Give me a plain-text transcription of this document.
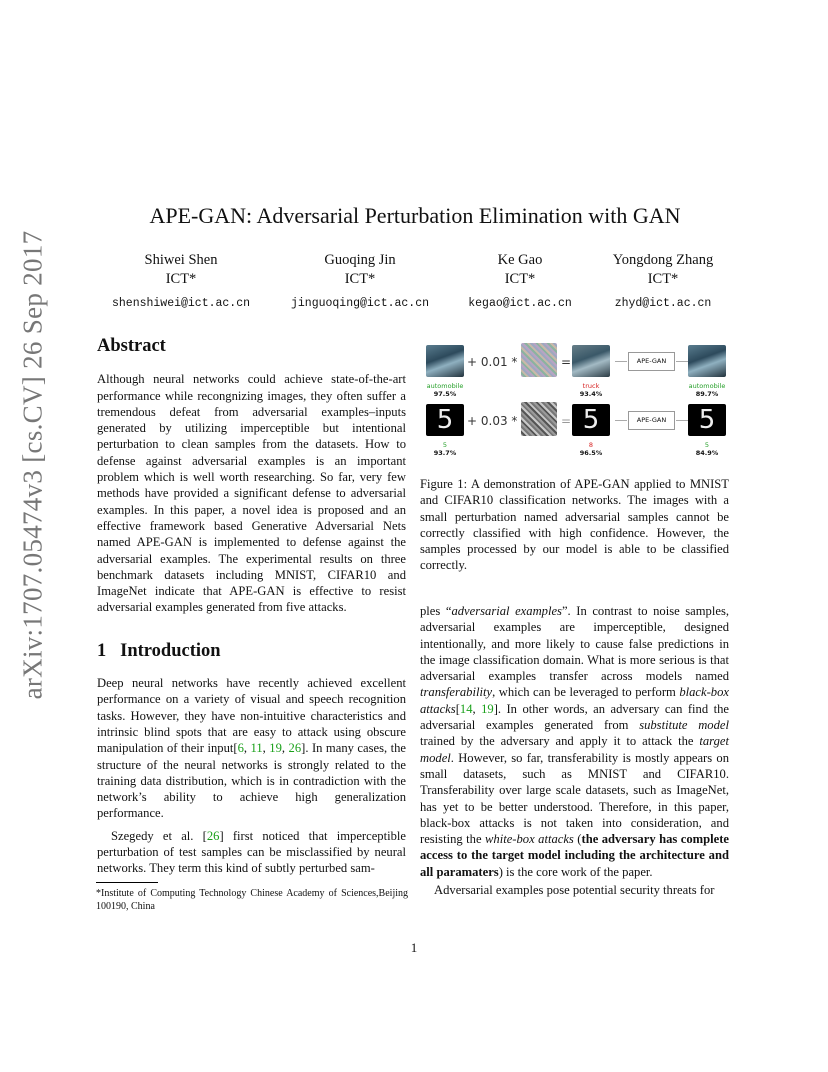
arXiv:1707.05474v3 [cs.CV] 26 Sep 2017
APE-GAN: Adversarial Perturbation Elimination with GAN
Shiwei Shen
ICT*
shenshiwei@ict.ac.cn
Guoqing Jin
ICT*
jinguoqing@ict.ac.cn
Ke Gao
ICT*
kegao@ict.ac.cn
Yongdong Zhang
ICT*
zhyd@ict.ac.cn
Abstract

Although neural networks could achieve state-of-the-art performance while recongnizing images, they often suffer a tremendous defeat from adversarial examples–inputs generated by utilizing imperceptible but intentional perturbation to clean samples from the datasets. How to defense against adversarial examples is an important problem which is well worth researching. So far, very few methods have provided a significant defense to adversarial examples. In this paper, a novel idea is proposed and an effective framework based Generative Adversarial Nets named APE-GAN is implemented to defense against the adversarial examples. The experimental results on three benchmark datasets including MNIST, CIFAR10 and ImageNet indicate that APE-GAN is effective to resist adversarial examples generated from five attacks.

1 Introduction

Deep neural networks have recently achieved excellent performance on a variety of visual and speech recognition tasks. However, they have non-intuitive characteristics and intrinsic blind spots that are easy to attack using obscure manipulation of their input[6, 11, 19, 26]. In many cases, the structure of the neural networks is strongly related to the training data distribution, which is in contradiction with the network’s ability to achieve high generalization performance.

Szegedy et al. [26] first noticed that imperceptible perturbation of test samples can be misclassified by neural networks. They term this kind of subtly perturbed sam-

*Institute of Computing Technology Chinese Academy of Sciences,Beijing 100190, China
+ 0.01 *	=	APE-GAN
automobile
97.5%
truck
93.4%
automobile
89.7%
5	+ 0.03 *	= 5	APE-GAN	5
5
93.7%
8
96.5%
5
84.9%

Figure 1: A demonstration of APE-GAN applied to MNIST and CIFAR10 classification networks. The images with a small perturbation named adversarial samples cannot be correctly classified with high confidence. However, the samples processed by our model is able to be classified correctly.

ples “adversarial examples”. In contrast to noise samples, adversarial examples are imperceptible, designed intentionally, and more likely to cause false predictions in the image classification domain. What is more serious is that adversarial examples transfer across models named transferability, which can be leveraged to perform black-box attacks[14, 19]. In other words, an adversary can find the adversarial examples generated from substitute model trained by the adversary and apply it to attack the target model. However, so far, transferability is mostly appears on small datasets, such as MNIST and CIFAR10. Transferability over large scale datasets, such as ImageNet, has yet to be better understood. Therefore, in this paper, black-box attacks is not taken into consideration, and resisting the white-box attacks (the adversary has complete access to the target model including the architecture and all paramaters) is the core work of the paper.

Adversarial examples pose potential security threats for

1
